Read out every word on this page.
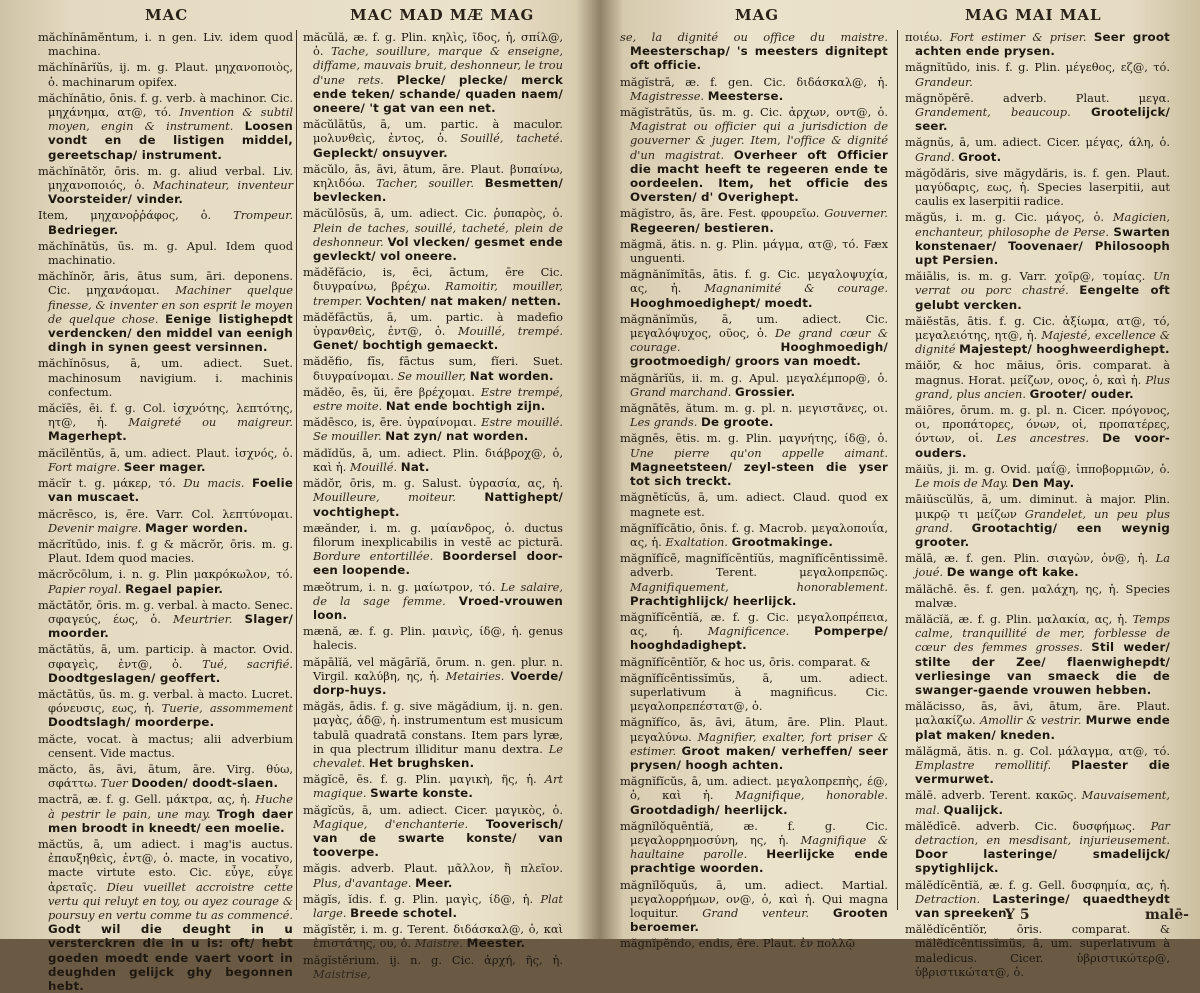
MAC	MAC MAD MÆ MAG

măchĭnāmĕntum, i. n gen. Liv. idem quod machina.

măchĭnārĭŭs, ij. m. g. Plaut. μηχανοποιὸς, ὁ. machinarum opifex.

măchĭnātio, ōnis. f. g. verb. à machinor. Cic. μηχάνημα, ατ@, τό. Invention & subtil moyen, engin & instrument. Loosen vondt en de listigen middel, gereetschap/ instrument.

măchĭnātŏr, ōris. m. g. aliud verbal. Liv. μηχανοποιός, ὁ. Machinateur, inventeur Voorsteider/ vinder.

Item, μηχανοῤῥάφος, ὁ. Trompeur. Bedrieger.

măchĭnātŭs, ūs. m. g. Apul. Idem quod machinatio.

măchĭnŏr, āris, ātus sum, āri. deponens. Cic. μηχανάομαι. Machiner quelque finesse, & inventer en son esprit le moyen de quelque chose. Eenige listighepdt verdencken/ den middel van eenigh dingh in synen geest versinnen.

măchĭnōsus, ā, um. adiect. Suet. machinosum navigium. i. machinis confectum.

măcĭēs, ēi. f. g. Col. ἰσχνότης, λεπτότης, ητ@, ἡ. Maigreté ou maigreur. Magerhept.

măcĭlĕntŭs, ā, um. adiect. Plaut. ἰσχνός, ὁ. Fort maigre. Seer mager.

măcĭr t. g. μάκερ, τό. Du macis. Foelie van muscaet.

măcrēsco, is, ēre. Varr. Col. λεπτύνομαι. Devenir maigre. Mager worden.

măcrĭtūdo, inis. f. g & măcrŏr, ōris. m. g. Plaut. Idem quod macies.

măcrŏcōlum, i. n. g. Plin μακρόκωλον, τό. Papier royal. Regael papier.

măctātŏr, ōris. m. g. verbal. à macto. Senec. σφαγεύς, έως, ὁ. Meurtrier. Slager/ moorder.

măctātŭs, ā, um. particip. à mactor. Ovid. σφαγεὶς, ἐντ@, ὁ. Tué, sacrifié. Doodtgeslagen/ geoffert.

măctātŭs, ūs. m. g. verbal. à macto. Lucret. φόνευσις, εως, ἡ. Tuerie, assommement Doodtslagh/ moorderpe.

măcte, vocat. à mactus; alii adverbium censent. Vide mactus.

măcto, ās, āvi, ātum, āre. Virg. θύω, σφάττω. Tuer Dooden/ doodt-slaen.

mactrā, æ. f. g. Gell. μάκτρα, ας, ἡ. Huche à pestrir le pain, une may. Trogh daer men broodt in kneedt/ een moelie.

măctŭs, ā, um adiect. i mag'is auctus. ἐπαυξηθεὶς, ἐντ@, ὁ. macte, in vocativo, macte virtute esto. Cic. εὖγε, εὖγε ἀρεταῖς. Dieu vueillet accroistre cette vertu qui reluyt en toy, ou ayez courage & poursuy en vertu comme tu as commencé. Godt wil die deught in u versterckren die in u is: oft/ hebt goeden moedt ende vaert voort in deughden gelijck ghy begonnen hebt.

măcŭlă, æ. f. g. Plin. κηλὶς, ῖδος, ἡ, σπίλ@, ὁ. Tache, souillure, marque & enseigne, diffame, mauvais bruit, deshonneur, le trou d'une rets. Plecke/ plecke/ merck ende teken/ schande/ quaden naem/ oneere/ 't gat van een net.

măcŭlātŭs, ā, um. partic. à maculor. μολυνθεὶς, ἐντος, ὁ. Souillé, tacheté. Gepleckt/ onsuyver.

măcŭlo, ās, āvi, ātum, āre. Plaut. βυπαίνω, κηλιδόω. Tacher, souiller. Besmetten/ bevlecken.

măcŭlōsŭs, ā, um. adiect. Cic. ῥυπαρὸς, ὁ. Plein de taches, souillé, tacheté, plein de deshonneur. Vol vlecken/ gesmet ende gevleckt/ vol oneere.

mădĕfăcio, is, ēci, āctum, ēre Cic. διυγραίνω, βρέχω. Ramoitir, mouiller, tremper. Vochten/ nat maken/ netten.

mădĕfāctŭs, ā, um. partic. à madefio ὑγρανθεὶς, ἐντ@, ὁ. Mouillé, trempé. Genet/ bochtigh gemaeckt.

mădĕfio, fīs, fāctus sum, fĭeri. Suet. διυγραίνομαι. Se mouiller, Nat worden.

mădĕo, ēs, ŭi, ēre βρέχομαι. Estre trempé, estre moite. Nat ende bochtigh zijn.

mădēsco, is, ēre. ὑγραίνομαι. Estre mouillé. Se mouiller. Nat zyn/ nat worden.

mădĭdŭs, ā, um. adiect. Plin. διάβροχ@, ὁ, καὶ ἡ. Mouillé. Nat.

mădŏr, ōris, m. g. Salust. ὑγρασία, ας, ἡ. Mouilleure, moiteur. Nattighept/ vochtighept.

mæănder, i. m. g. μαίανδρος, ὁ. ductus filorum inexplicabilis in vestē ac picturā. Bordure entortillée. Boordersel door-een loopende.

mæŏtrum, i. n. g. μαίωτρον, τό. Le salaire, de la sage femme. Vroed-vrouwen loon.

mænă, æ. f. g. Plin. μαινὶς, ίδ@, ἡ. genus halecis.

măpālĭă, vel măgārĭă, ōrum. n. gen. plur. n. Virgil. καλύβη, ης, ἡ. Metairies. Voerde/ dorp-huys.

măgăs, ādis. f. g. sive măgădium, ij. n. gen. μαγὰς, άδ@, ἡ. instrumentum est musicum tabulā quadratā constans. Item pars lyræ, in qua plectrum illiditur manu dextra. Le chevalet. Het brughsken.

măgĭcē, ēs. f. g. Plin. μαγικὴ, ῆς, ἡ. Art magique. Swarte konste.

măgĭcŭs, ā, um. adiect. Cicer. μαγικὸς, ὁ. Magique, d'enchanterie. Tooverisch/ van de swarte konste/ van tooverpe.

măgis. adverb. Plaut. μᾶλλον, ἢ πλεῖον. Plus, d'avantage. Meer.

măgĭs, ĭdis. f. g. Plin. μαγὶς, ίδ@, ἡ. Plat large. Breede schotel.

măgĭstĕr, i. m. g. Terent. διδάσκαλ@, ὁ, καὶ ἐπιστάτης, ου, ὁ. Maistre. Meester.

măgĭstĕrium. ij. n. g. Cic. ἀρχή, ῆς, ἡ. Maistrise,

MAG	MAG MAI MAL

se, la dignité ou office du maistre. Meesterschap/ 's meesters dignitept oft officie.

măgĭstrā, æ. f. gen. Cic. διδάσκαλ@, ἡ. Magistresse. Meesterse.

măgĭstrātŭs, ūs. m. g. Cic. ἀρχων, οντ@, ὁ. Magistrat ou officier qui a jurisdiction de gouverner & juger. Item, l'office & dignité d'un magistrat. Overheer oft Officier die macht heeft te regeeren ende te oordeelen. Item, het officie des Oversten/ d' Overighept.

măgĭstro, ās, āre. Fest. φρουρεῖω. Gouverner. Regeeren/ bestieren.

măgmă, ătis. n. g. Plin. μάγμα, ατ@, τό. Fæx unguenti.

măgnănĭmĭtās, ātis. f. g. Cic. μεγαλοψυχία, ας, ἡ. Magnanimité & courage. Hooghmoedighept/ moedt.

măgnănĭmŭs, ā, um. adiect. Cic. μεγαλόψυχος, οῦος, ὁ. De grand cœur & courage.	Hooghmoedigh/ grootmoedigh/ groors van moedt.

măgnărĭŭs, ii. m. g. Apul. μεγαλέμπορ@, ὁ. Grand marchand. Grossier.

măgnātēs, ătum. m. g. pl. n. μεγιστᾶνες, οι. Les grands. De groote.

măgnēs, ētis. m. g. Plin. μαγνήτης, ίδ@, ὁ. Une pierre qu'on appelle aimant. Magneetsteen/ zeyl-steen die yser tot sich treckt.

măgnētĭcŭs, ā, um. adiect. Claud. quod ex magnete est.

măgnĭfĭcātio, ōnis. f. g. Macrob. μεγαλοποιΐα, ας, ἡ. Exaltation. Grootmakinge.

măgnĭfĭcē, magnĭfĭcēntĭŭs, magnĭfĭcēntissimē. adverb. Terent. μεγαλοπρεπῶς. Magnifiquement, honorablement. Prachtighlijck/ heerlijck.

măgnĭfĭcēntĭă, æ. f. g. Cic. μεγαλοπρέπεια, ας, ἡ. Magnificence. Pomperpe/ hooghdadighept.

măgnĭfĭcēntĭŏr, & hoc us, ōris. comparat. &

măgnĭfĭcēntissĭmŭs, ā, um. adiect. superlativum à magnificus. Cic. μεγαλοπρεπέστατ@, ὁ.

măgnĭfĭco, ās, āvi, ātum, āre. Plin. Plaut. μεγαλύνω. Magnifier, exalter, fort priser & estimer. Groot maken/ verheffen/ seer prysen/ hoogh achten.

măgnĭfĭcŭs, ā, um. adiect. μεγαλοπρεπὴς, έ@, ὁ, καὶ ἡ. Magnifique, honorable. Grootdadigh/ heerlijck.

măgnĭlŏquēntĭă, æ. f. g. Cic. μεγαλορρημοσύνη, ης, ἡ. Magnifique & haultaine parolle. Heerlijcke ende prachtige woorden.

măgnĭlŏquŭs, ā, um. adiect. Martial. μεγαλορρήμων, ον@, ὁ, καὶ ἡ. Qui magna loquitur. Grand venteur. Grooten beroemer.

măgnĭpĕndo, endis, ēre. Plaut. ἐν πολλῷ

ποιέω. Fort estimer & priser. Seer groot achten ende prysen.

măgnĭtūdo, inis. f. g. Plin. μέγεθος, εζ@, τό. Grandeur.

măgnŏpĕrē. adverb. Plaut. μεγα. Grandement, beaucoup. Grootelijck/ seer.

măgnŭs, ā, um. adiect. Cicer. μέγας, άλη, ὁ. Grand. Groot.

măgŏdăris, sive măgydăris, is. f. gen. Plaut. μαγύδαρις, εως, ἡ. Species laserpitii, aut caulis ex laserpitii radice.

măgŭs, i. m. g. Cic. μάγος, ὁ. Magicien, enchanteur, philosophe de Perse. Swarten konstenaer/ Toovenaer/ Philosooph upt Persien.

măiālis, is. m. g. Varr. χοῖρ@, τομίας. Un verrat ou porc chastré. Eengelte oft gelubt vercken.

măiĕstās, ātis. f. g. Cic. ἀξίωμα, ατ@, τό, μεγαλειότης, ητ@, ἡ. Majesté, excellence & dignité Majestept/ hooghweerdighept.

măiŏr, & hoc māius, ōris. comparat. à magnus. Horat. μείζων, ονος, ὁ, καὶ ἡ. Plus grand, plus ancien. Grooter/ ouder.

măiōres, ōrum. m. g. pl. n. Cicer. πρόγονος, οι, προπάτορες, όνων, οἱ, προπατέρες, όντων, οἱ. Les ancestres. De voor-ouders.

măiŭs, ji. m. g. Ovid. μαΐ@, ἱπποβορμιῶν, ὁ. Le mois de May. Den May.

māiŭscŭlŭs, ā, um. diminut. à major. Plin. μικρῷ τι μείζων Grandelet, un peu plus grand. Grootachtig/ een weynig grooter.

mălā, æ. f. gen. Plin. σιαγὼν, ὀν@, ἡ. La joué. De wange oft kake.

mălăchē. ēs. f. gen. μαλάχη, ης, ἡ. Species malvæ.

mălăcĭă, æ. f. g. Plin. μαλακία, ας, ἡ. Temps calme, tranquillité de mer, forblesse de cœur des femmes grosses. Stil weder/ stilte der Zee/ flaenwighepdt/ verliesinge van smaeck die de swanger-gaende vrouwen hebben.

mălăcisso, ās, āvi, ātum, āre. Plaut. μαλακίζω. Amollir & vestrir. Murwe ende plat maken/ kneden.

mălăgmă, ătis. n. g. Col. μάλαγμα, ατ@, τό. Emplastre remollitif. Plaester die vermurwet.

mălē. adverb. Terent. κακῶς. Mauvaisement, mal. Qualijck.

mălĕdīcē. adverb. Cic. δυσφήμως. Par detraction, en mesdisant, injurieusement. Door lasteringe/ smadelijck/ spytighlijck.

mălĕdĭcēntĭă, æ. f. g. Gell. δυσφημία, ας, ἡ. Detraction. Lasteringe/ quaedtheydt van spreeken.

mălĕdĭcēntĭŏr, ōris. comparat. & mălĕdĭcēntissĭmŭs, ā, um. superlativum à maledicus. Cicer. ὑβριστικώτερ@, ὑβριστικώτατ@, ὁ.

Y 5	malē-
